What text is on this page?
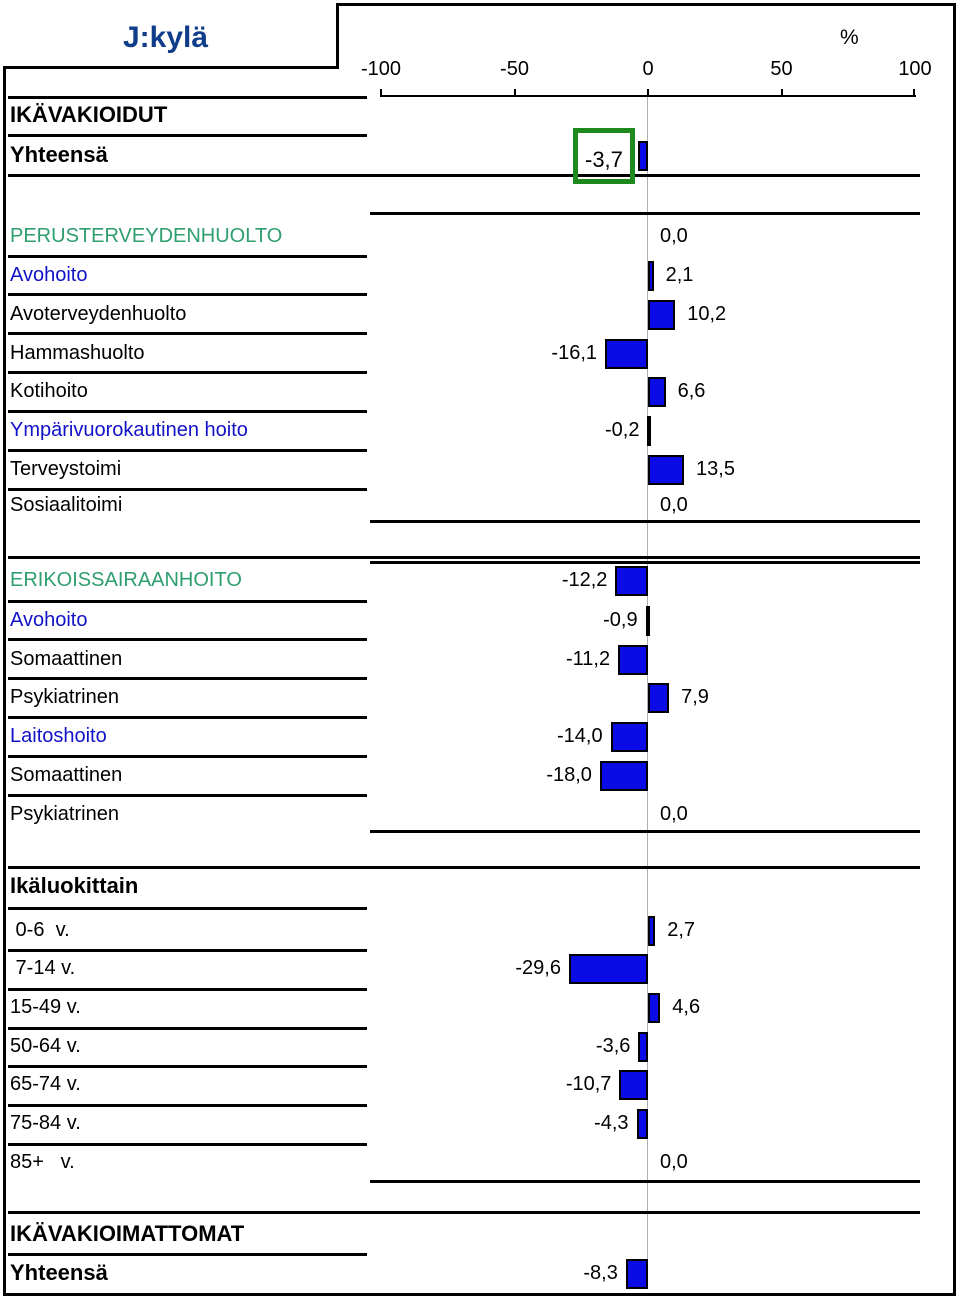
J:kylä	%
-100	-50	0	50	100
IKÄVAKIOIDUT
Yhteensä	-3,7
PERUSTERVEYDENHUOLTO	0,0
Avohoito	2,1
Avoterveydenhuolto	10,2
Hammashuolto	-16,1
Kotihoito	6,6
Ympärivuorokautinen hoito	-0,2
Terveystoimi	13,5
Sosiaalitoimi	0,0
ERIKOISSAIRAANHOITO	-12,2
Avohoito	-0,9
Somaattinen	-11,2
Psykiatrinen	7,9
Laitoshoito	-14,0
Somaattinen	-18,0
Psykiatrinen	0,0
Ikäluokittain
0-6  v.	2,7
7-14 v.	-29,6
15-49 v.	4,6
50-64 v.	-3,6
65-74 v.	-10,7
75-84 v.	-4,3
85+   v.	0,0
IKÄVAKIOIMATTOMAT
Yhteensä	-8,3
